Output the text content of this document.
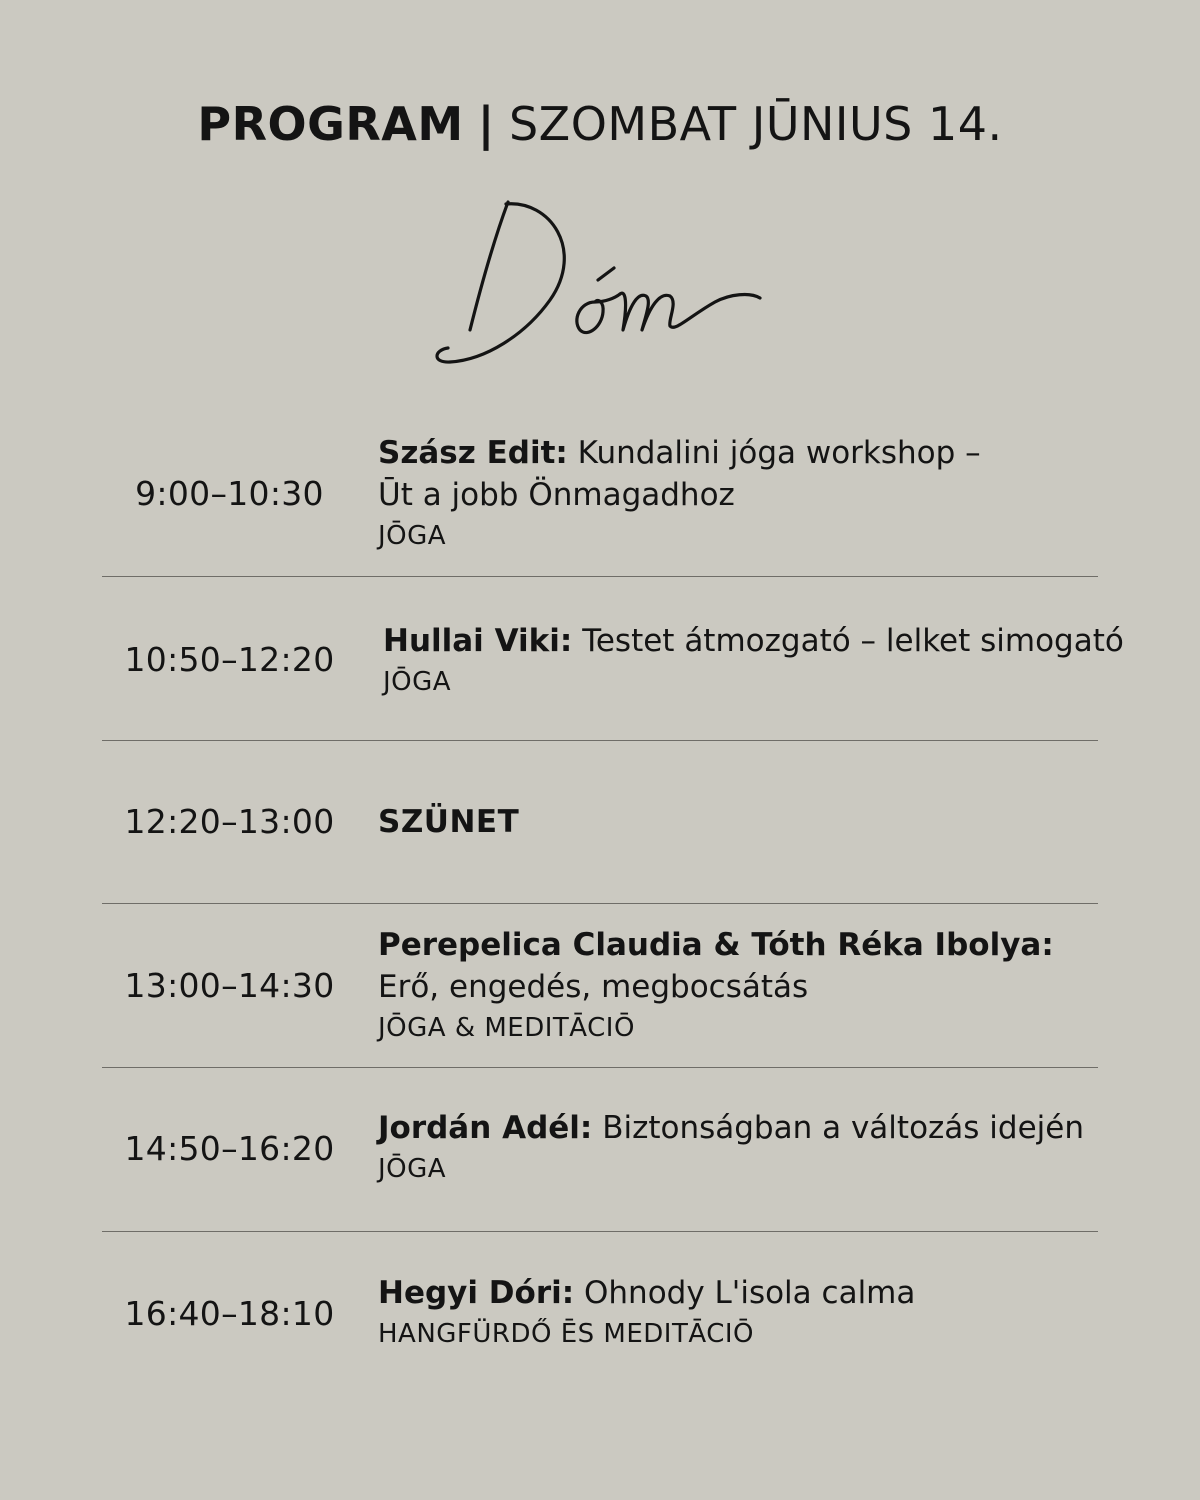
PROGRAM | SZOMBAT JŪNIUS 14.
9:00–10:30
Szász Edit: Kundalini jóga workshop –
Ūt a jobb Önmagadhoz
JŌGA
10:50–12:20	Hullai Viki: Testet átmozgató – lelket simogató
JŌGA
12:20–13:00	SZÜNET
13:00–14:30
Perepelica Claudia & Tóth Réka Ibolya:
Erő, engedés, megbocsátás
JŌGA & MEDITĀCIŌ
14:50–16:20
Jordán Adél: Biztonságban a változás idején
JŌGA
16:40–18:10
Hegyi Dóri: Ohnody L'isola calma
HANGFÜRDŐ ĒS MEDITĀCIŌ
